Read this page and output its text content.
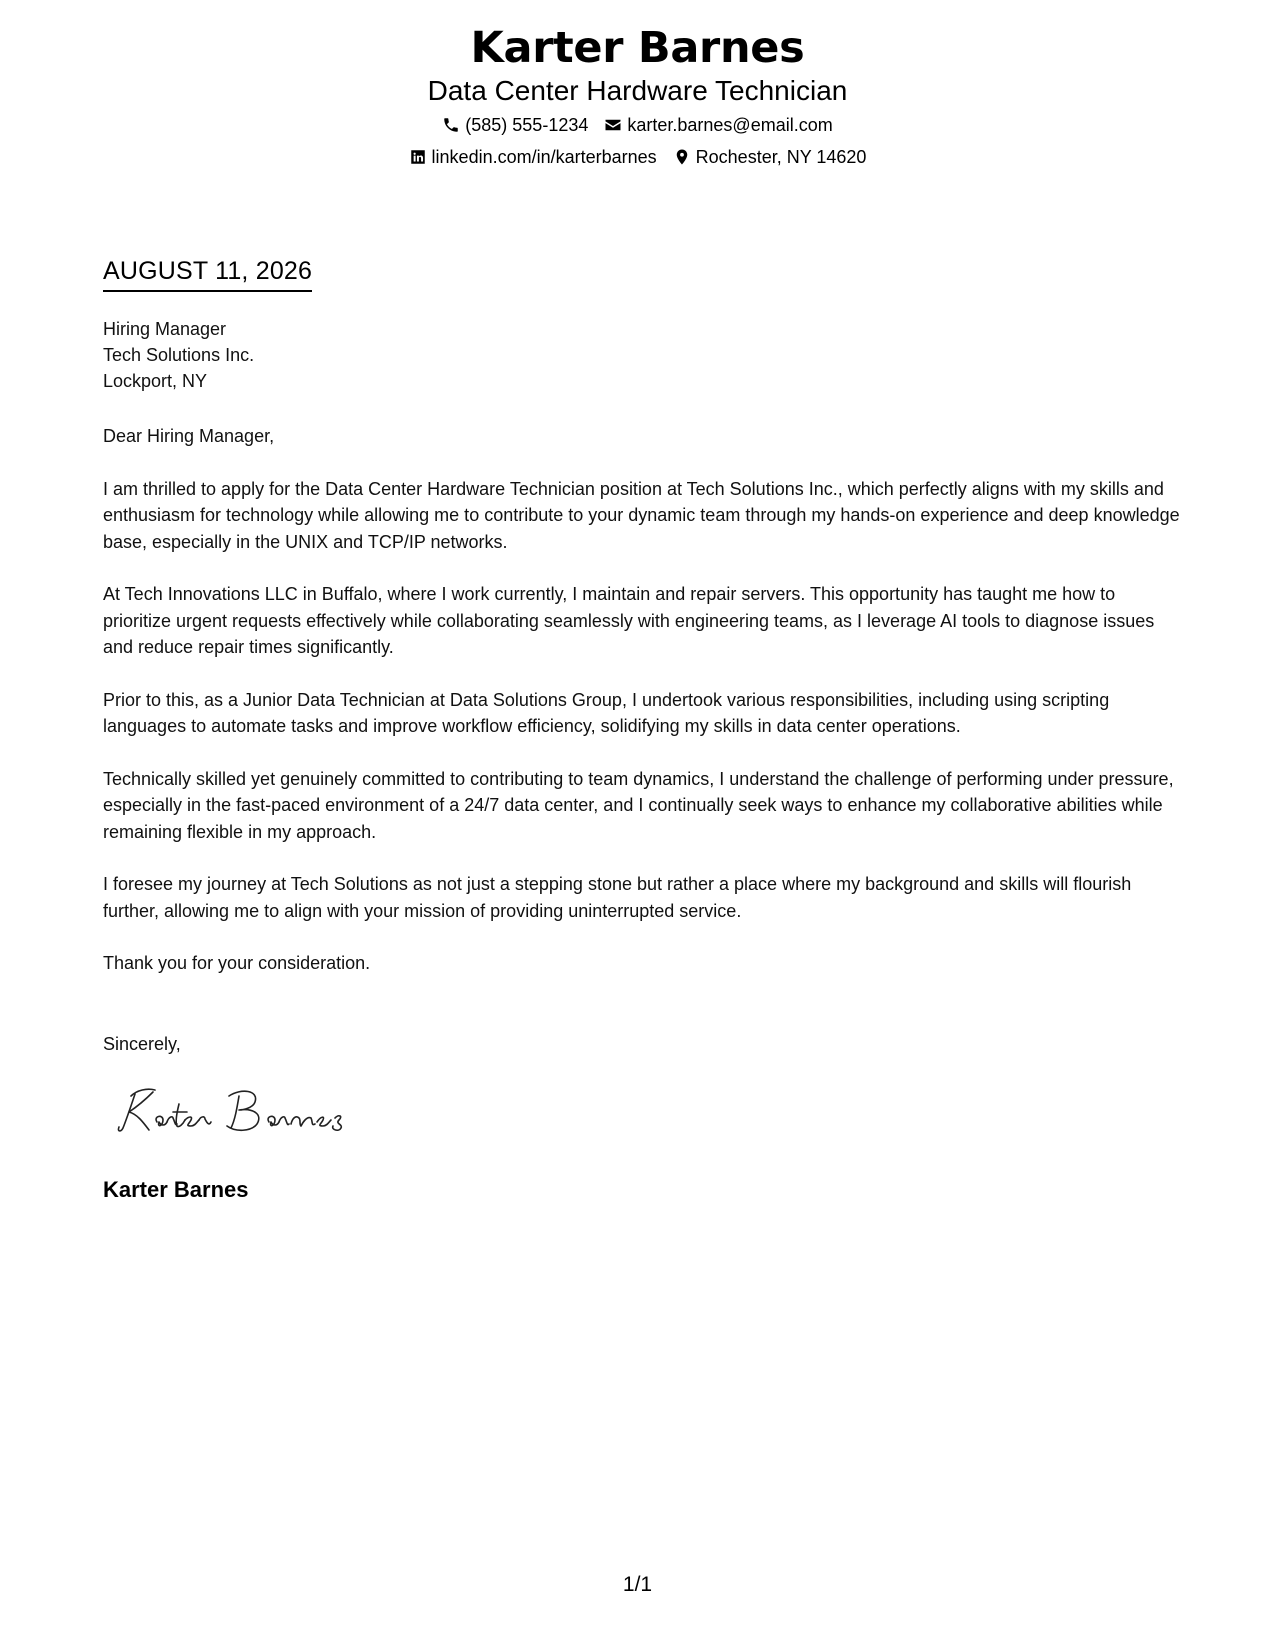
Karter Barnes
Data Center Hardware Technician
(585) 555-1234 karter.barnes@email.com
linkedin.com/in/karterbarnes Rochester, NY 14620
AUGUST 11, 2026
Hiring Manager
Tech Solutions Inc.
Lockport, NY

Dear Hiring Manager,

I am thrilled to apply for the Data Center Hardware Technician position at Tech Solutions Inc., which perfectly aligns with my skills and enthusiasm for technology while allowing me to contribute to your dynamic team through my hands-on experience and deep knowledge base, especially in the UNIX and TCP/IP networks.

At Tech Innovations LLC in Buffalo, where I work currently, I maintain and repair servers. This opportunity has taught me how to prioritize urgent requests effectively while collaborating seamlessly with engineering teams, as I leverage AI tools to diagnose issues and reduce repair times significantly.

Prior to this, as a Junior Data Technician at Data Solutions Group, I undertook various responsibilities, including using scripting languages to automate tasks and improve workflow efficiency, solidifying my skills in data center operations.

Technically skilled yet genuinely committed to contributing to team dynamics, I understand the challenge of performing under pressure, especially in the fast-paced environment of a 24/7 data center, and I continually seek ways to enhance my collaborative abilities while remaining flexible in my approach.

I foresee my journey at Tech Solutions as not just a stepping stone but rather a place where my background and skills will flourish further, allowing me to align with your mission of providing uninterrupted service.

Thank you for your consideration.

Sincerely,
Karter Barnes
1/1
